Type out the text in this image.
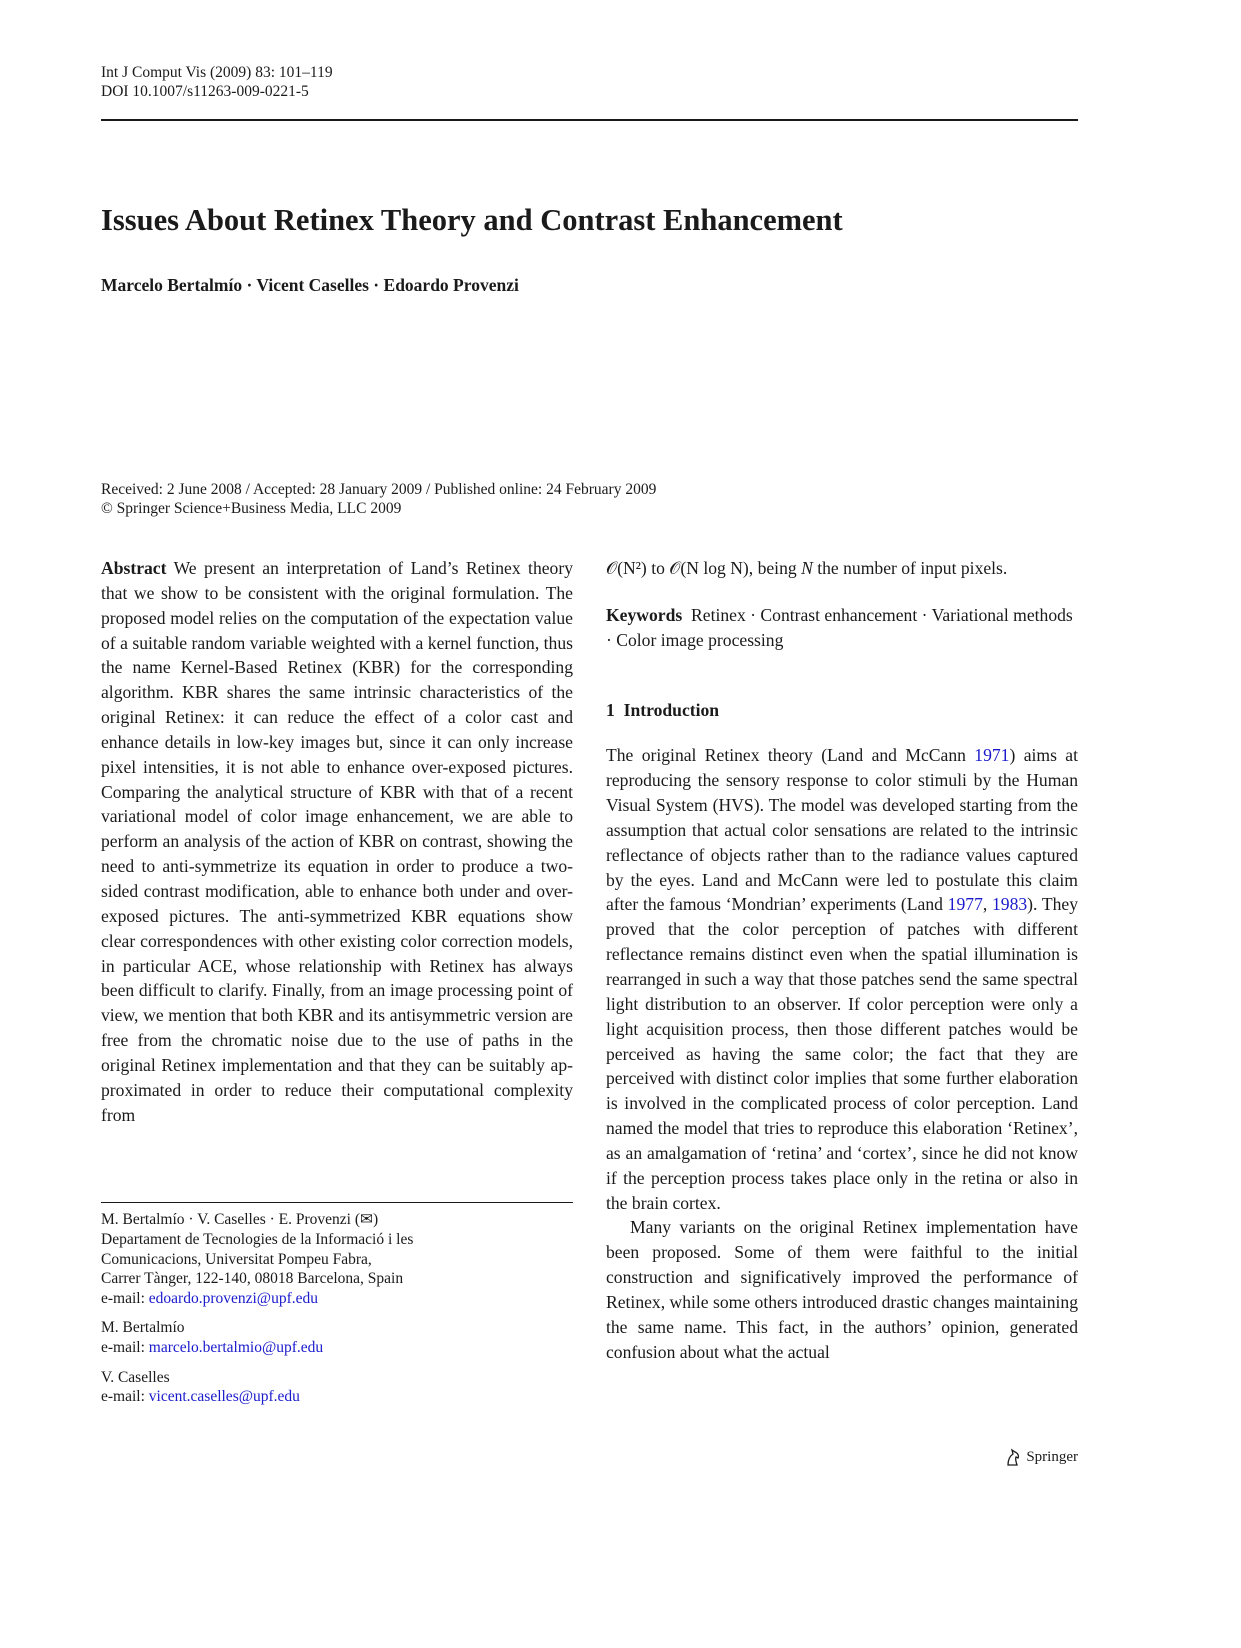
Int J Comput Vis (2009) 83: 101–119
DOI 10.1007/s11263-009-0221-5
Issues About Retinex Theory and Contrast Enhancement
Marcelo Bertalmío · Vicent Caselles · Edoardo Provenzi
Received: 2 June 2008 / Accepted: 28 January 2009 / Published online: 24 February 2009
© Springer Science+Business Media, LLC 2009

Abstract We present an interpretation of Land’s Retinex theory that we show to be consistent with the original formulation. The proposed model relies on the computation of the expectation value of a suitable random variable weighted with a kernel function, thus the name Kernel-Based Retinex (KBR) for the corresponding algorithm. KBR shares the same intrinsic characteristics of the original Retinex: it can reduce the effect of a color cast and enhance details in low-key images but, since it can only increase pixel intensities, it is not able to enhance over-exposed pictures. Comparing the analytical structure of KBR with that of a recent variational model of color image enhancement, we are able to perform an analysis of the action of KBR on contrast, showing the need to anti-symmetrize its equation in order to produce a two-sided contrast modification, able to enhance both under and over-exposed pictures. The anti-symmetrized KBR equations show clear correspondences with other existing color correction models, in particular ACE, whose relationship with Retinex has always been difficult to clarify. Finally, from an image processing point of view, we mention that both KBR and its antisymmetric version are free from the chromatic noise due to the use of paths in the original Retinex implementation and that they can be suitably approximated in order to reduce their computational complexity from

𝒪(N²) to 𝒪(N log N), being N the number of input pixels.

Keywords Retinex · Contrast enhancement · Variational methods · Color image processing

1  Introduction

The original Retinex theory (Land and McCann 1971) aims at reproducing the sensory response to color stimuli by the Human Visual System (HVS). The model was developed starting from the assumption that actual color sensations are related to the intrinsic reflectance of objects rather than to the radiance values captured by the eyes. Land and McCann were led to postulate this claim after the famous ‘Mondrian’ experiments (Land 1977, 1983). They proved that the color perception of patches with different reflectance remains distinct even when the spatial illumination is rearranged in such a way that those patches send the same spectral light distribution to an observer. If color perception were only a light acquisition process, then those different patches would be perceived as having the same color; the fact that they are perceived with distinct color implies that some further elaboration is involved in the complicated process of color perception. Land named the model that tries to reproduce this elaboration ‘Retinex’, as an amalgamation of ‘retina’ and ‘cortex’, since he did not know if the perception process takes place only in the retina or also in the brain cortex.

Many variants on the original Retinex implementation have been proposed. Some of them were faithful to the initial construction and significatively improved the performance of Retinex, while some others introduced drastic changes maintaining the same name. This fact, in the authors’ opinion, generated confusion about what the actual

M. Bertalmío · V. Caselles · E. Provenzi (✉)
Departament de Tecnologies de la Informació i les
Comunicacions, Universitat Pompeu Fabra,
Carrer Tànger, 122-140, 08018 Barcelona, Spain
e-mail: edoardo.provenzi@upf.edu

M. Bertalmío
e-mail: marcelo.bertalmio@upf.edu

V. Caselles
e-mail: vicent.caselles@upf.edu

Springer
